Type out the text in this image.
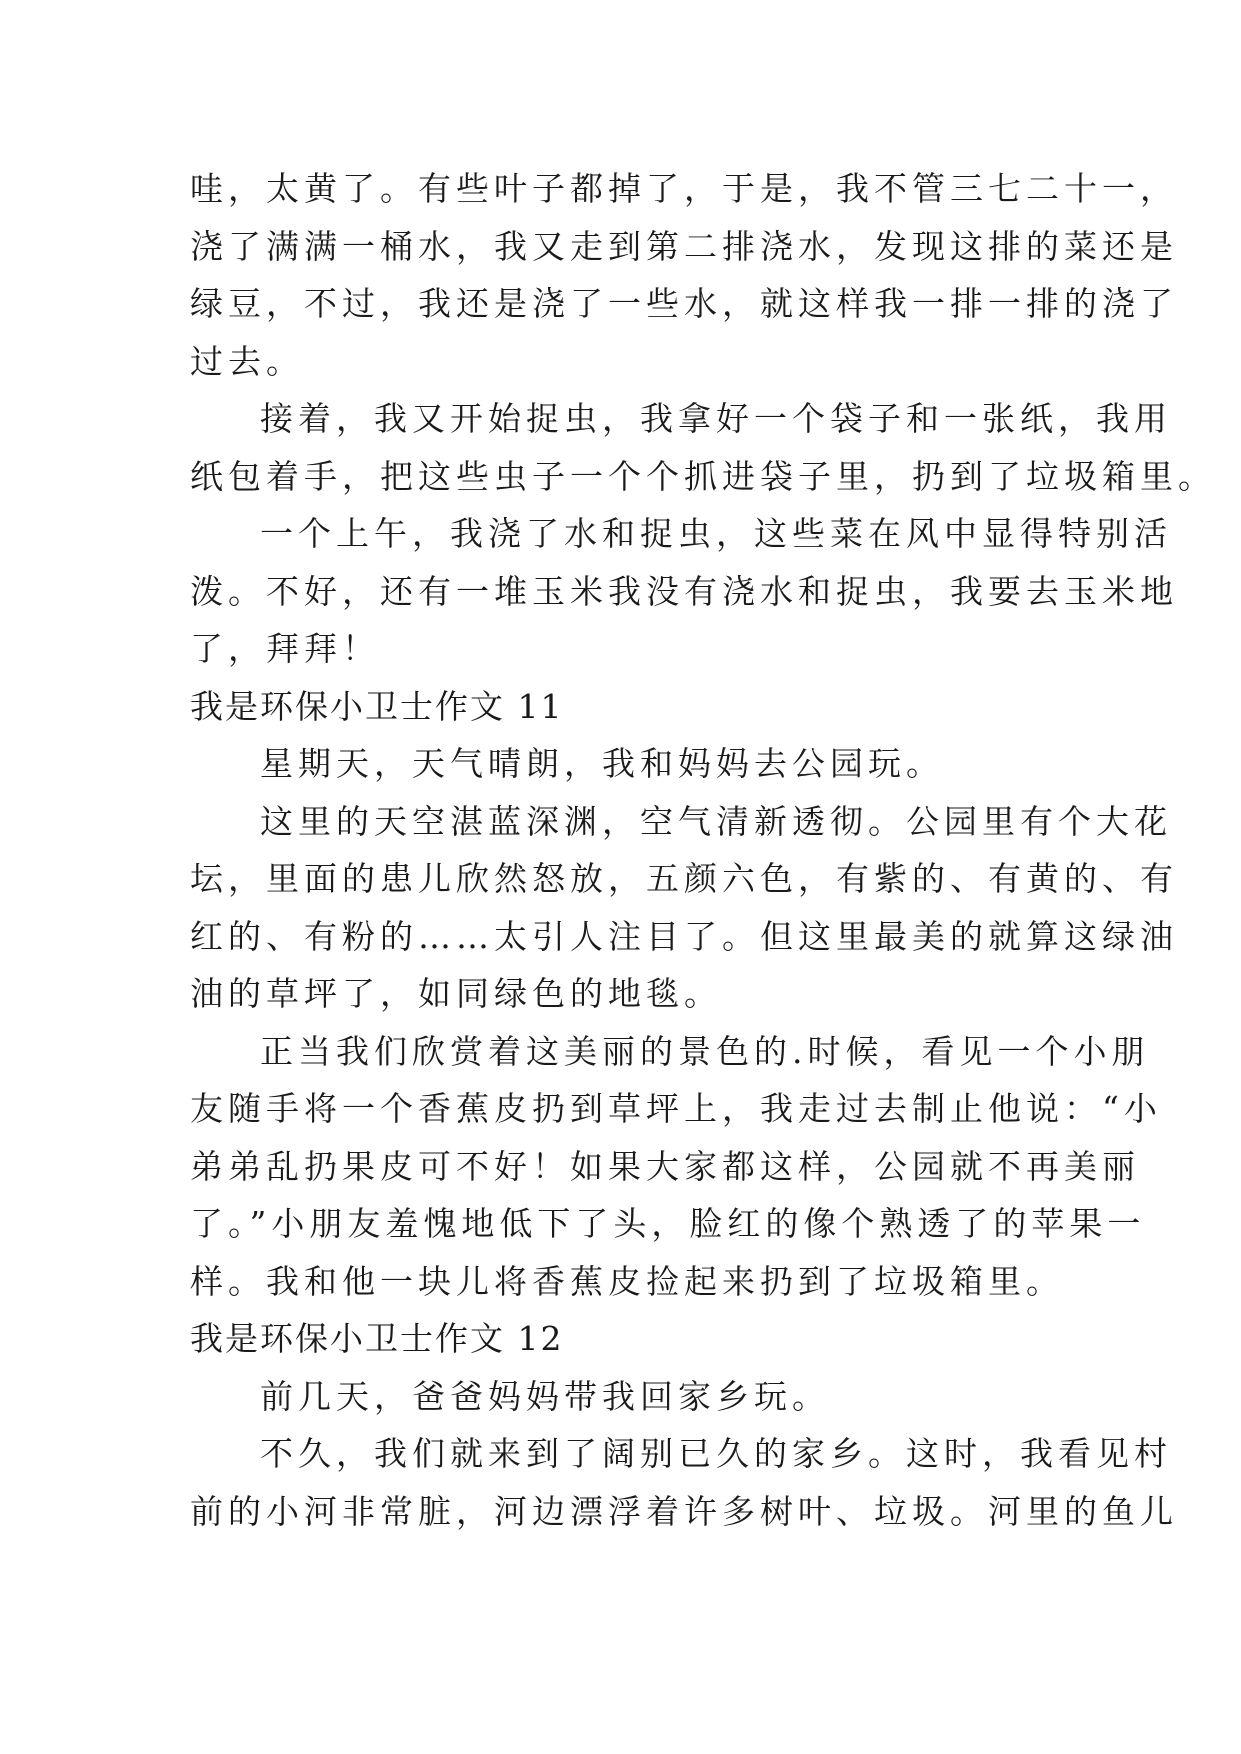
哇，太黄了。有些叶子都掉了，于是，我不管三七二十一，
浇了满满一桶水，我又走到第二排浇水，发现这排的菜还是
绿豆，不过，我还是浇了一些水，就这样我一排一排的浇了
过去。
接着，我又开始捉虫，我拿好一个袋子和一张纸，我用
纸包着手，把这些虫子一个个抓进袋子里，扔到了垃圾箱里。
一个上午，我浇了水和捉虫，这些菜在风中显得特别活
泼。不好，还有一堆玉米我没有浇水和捉虫，我要去玉米地
了，拜拜！
我是环保小卫士作文 11
星期天，天气晴朗，我和妈妈去公园玩。
这里的天空湛蓝深渊，空气清新透彻。公园里有个大花
坛，里面的患儿欣然怒放，五颜六色，有紫的、有黄的、有
红的、有粉的……太引人注目了。但这里最美的就算这绿油
油的草坪了，如同绿色的地毯。
正当我们欣赏着这美丽的景色的.时候，看见一个小朋
友随手将一个香蕉皮扔到草坪上，我走过去制止他说：“小
弟弟乱扔果皮可不好！如果大家都这样，公园就不再美丽
了。”小朋友羞愧地低下了头，脸红的像个熟透了的苹果一
样。我和他一块儿将香蕉皮捡起来扔到了垃圾箱里。
我是环保小卫士作文 12
前几天，爸爸妈妈带我回家乡玩。
不久，我们就来到了阔别已久的家乡。这时，我看见村
前的小河非常脏，河边漂浮着许多树叶、垃圾。河里的鱼儿
